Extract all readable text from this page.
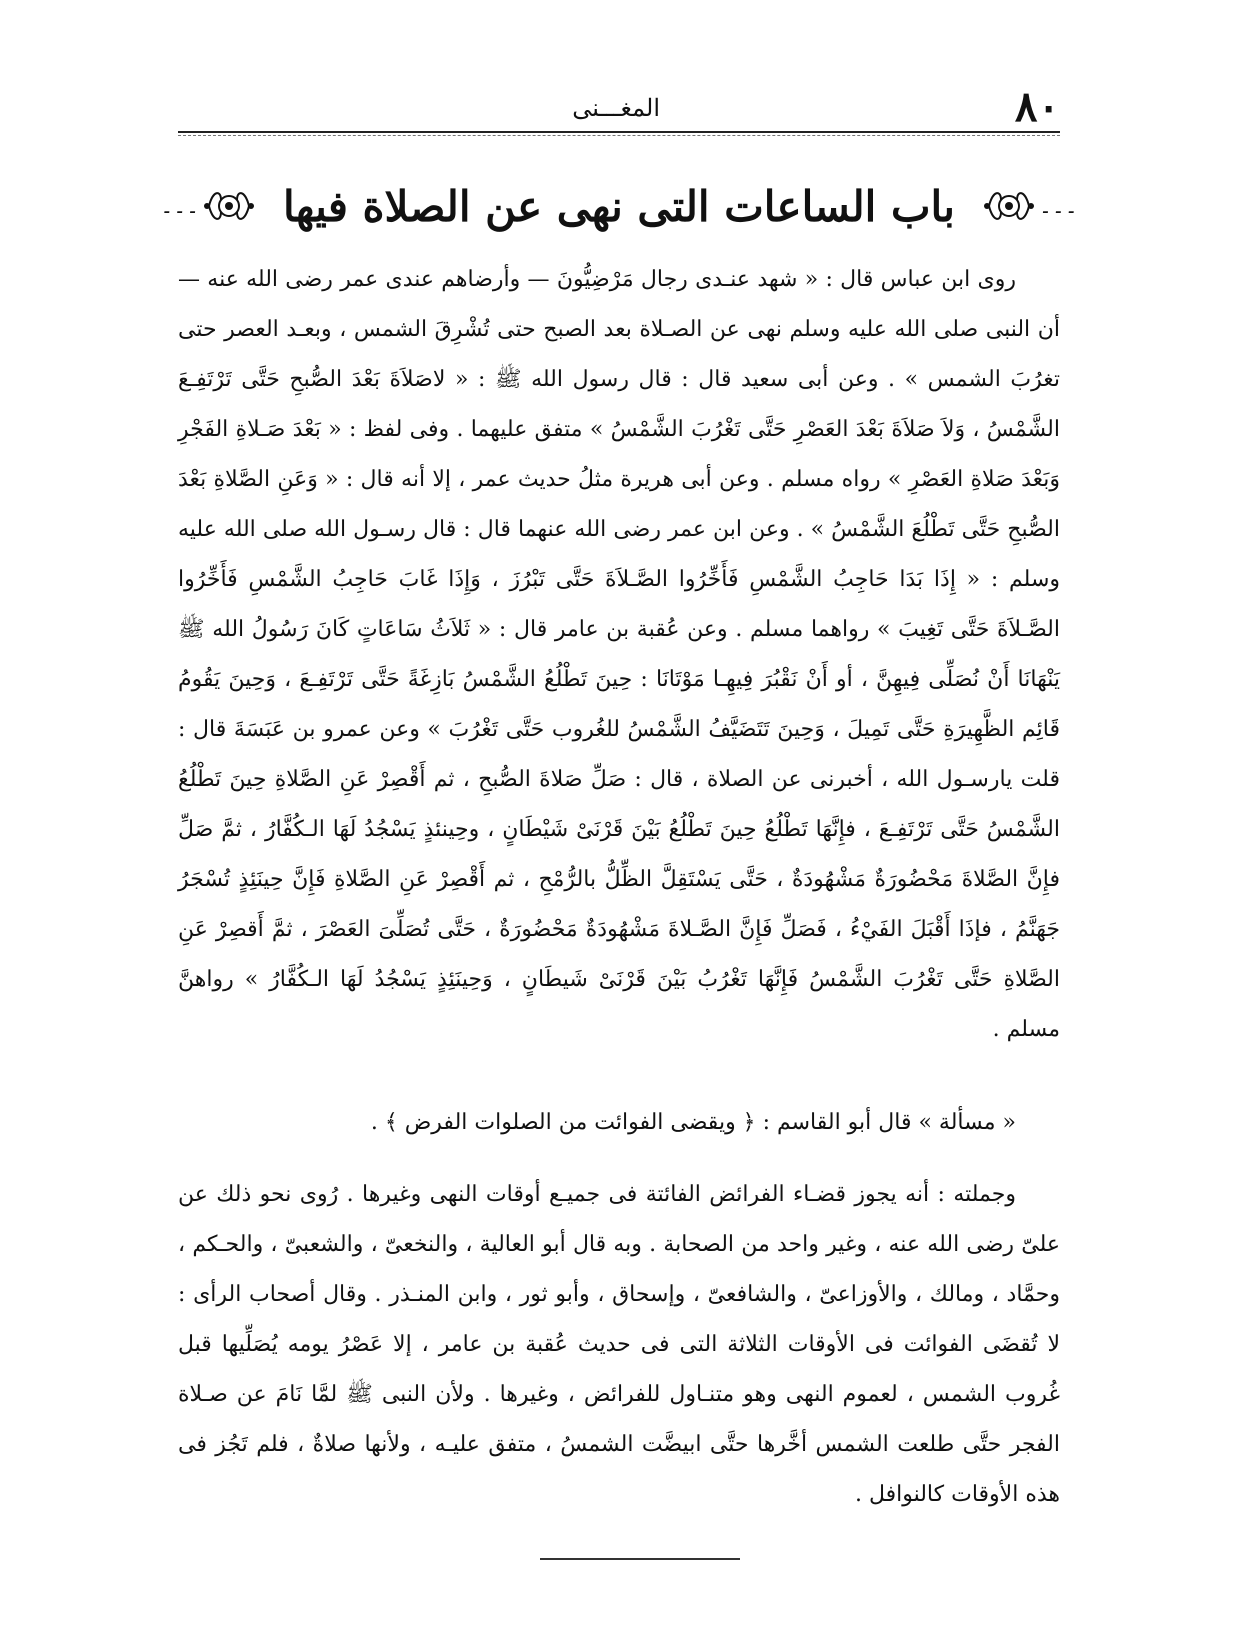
٨٠
المغـــنى
۔۔۔
باب الساعات التى نهى عن الصلاة فيها
۔۔۔

روى ابن عباس قال : « شهد عنـدى رجال مَرْضِيُّونَ — وأرضاهم عندى عمر رضى الله عنه — أن النبى صلى الله عليه وسلم نهى عن الصـلاة بعد الصبح حتى تُشْرِقَ الشمس ، وبعـد العصر حتى تغرُبَ الشمس » . وعن أبى سعيد قال : قال رسول الله ﷺ : « لاصَلاَةَ بَعْدَ الصُّبحِ حَتَّى تَرْتَفِـعَ الشَّمْسُ ، وَلاَ صَلاَةَ بَعْدَ العَصْرِ حَتَّى تَغْرُبَ الشَّمْسُ » متفق عليهما . وفى لفظ : « بَعْدَ صَـلاةِ الفَجْرِ وَبَعْدَ صَلاةِ العَصْرِ » رواه مسلم . وعن أبى هريرة مثلُ حديث عمر ، إلا أنه قال : « وَعَنِ الصَّلاةِ بَعْدَ الصُّبحِ حَتَّى تَطْلُعَ الشَّمْسُ » . وعن ابن عمر رضى الله عنهما قال : قال رسـول الله صلى الله عليه وسلم : « إِذَا بَدَا حَاجِبُ الشَّمْسِ فَأَخِّرُوا الصَّـلاَةَ حَتَّى تَبْرُزَ ، وَإِذَا غَابَ حَاجِبُ الشَّمْسِ فَأَخِّرُوا الصَّـلاَةَ حَتَّى تَغِيبَ » رواهما مسلم . وعن عُقبة بن عامر قال : « ثَلاَثُ سَاعَاتٍ كَانَ رَسُولُ الله ﷺ يَنْهَانَا أَنْ نُصَلِّى فِيهِنَّ ، أو أَنْ نَقْبُرَ فِيهِـا مَوْتَانَا : حِينَ تَطْلُعُ الشَّمْسُ بَازِغَةً حَتَّى تَرْتَفِـعَ ، وَحِينَ يَقُومُ قَائِم الظَّهِيرَةِ حَتَّى تَمِيلَ ، وَحِينَ تَتَضَيَّفُ الشَّمْسُ للغُروب حَتَّى تَغْرُبَ » وعن عمرو بن عَبَسَةَ قال : قلت يارسـول الله ، أخبرنى عن الصلاة ، قال : صَلِّ صَلاةَ الصُّبحِ ، ثم أَقْصِرْ عَنِ الصَّلاةِ حِينَ تَطْلُعُ الشَّمْسُ حَتَّى تَرْتَفِـعَ ، فإِنَّهَا تَطْلُعُ حِينَ تَطْلُعُ بَيْنَ قَرْنَىْ شَيْطَانٍ ، وحِينئذٍ يَسْجُدُ لَهَا الـكُفَّارُ ، ثمَّ صَلِّ فإِنَّ الصَّلاةَ مَحْضُورَةٌ مَشْهُودَةٌ ، حَتَّى يَسْتَقِلَّ الظِّلُّ بالرُّمْحِ ، ثم أَقْصِرْ عَنِ الصَّلاةِ فَإِنَّ حِينَئِذٍ تُسْجَرُ جَهَنَّمُ ، فإذَا أَقْبَلَ الفَيْءُ ، فَصَلِّ فَإِنَّ الصَّـلاةَ مَشْهُودَةٌ مَحْضُورَةٌ ، حَتَّى تُصَلِّىَ العَصْرَ ، ثمَّ أَقصِرْ عَنِ الصَّلاةِ حَتَّى تَغْرُبَ الشَّمْسُ فَإِنَّهَا تَغْرُبُ بَيْنَ قَرْنَىْ شَيطَانٍ ، وَحِينَئِذٍ يَسْجُدُ لَهَا الـكُفَّارُ » رواهنَّ مسلم .

« مسألة » قال أبو القاسم : ﴿ ويقضى الفوائت من الصلوات الفرض ﴾ .

وجملته : أنه يجوز قضـاء الفرائض الفائتة فى جميـع أوقات النهى وغيرها . رُوى نحو ذلك عن علىّ رضى الله عنه ، وغير واحد من الصحابة . وبه قال أبو العالية ، والنخعىّ ، والشعبىّ ، والحـكم ، وحمَّاد ، ومالك ، والأوزاعىّ ، والشافعىّ ، وإسحاق ، وأبو ثور ، وابن المنـذر . وقال أصحاب الرأى : لا تُقضَى الفوائت فى الأوقات الثلاثة التى فى حديث عُقبة بن عامر ، إلا عَصْرُ يومه يُصَلِّيها قبل غُروب الشمس ، لعموم النهى وهو متنـاول للفرائض ، وغيرها . ولأن النبى ﷺ لمَّا نَامَ عن صـلاة الفجر حتَّى طلعت الشمس أخَّرها حتَّى ابيضَّت الشمسُ ، متفق عليـه ، ولأنها صلاةٌ ، فلم تَجُز فى هذه الأوقات كالنوافل .
